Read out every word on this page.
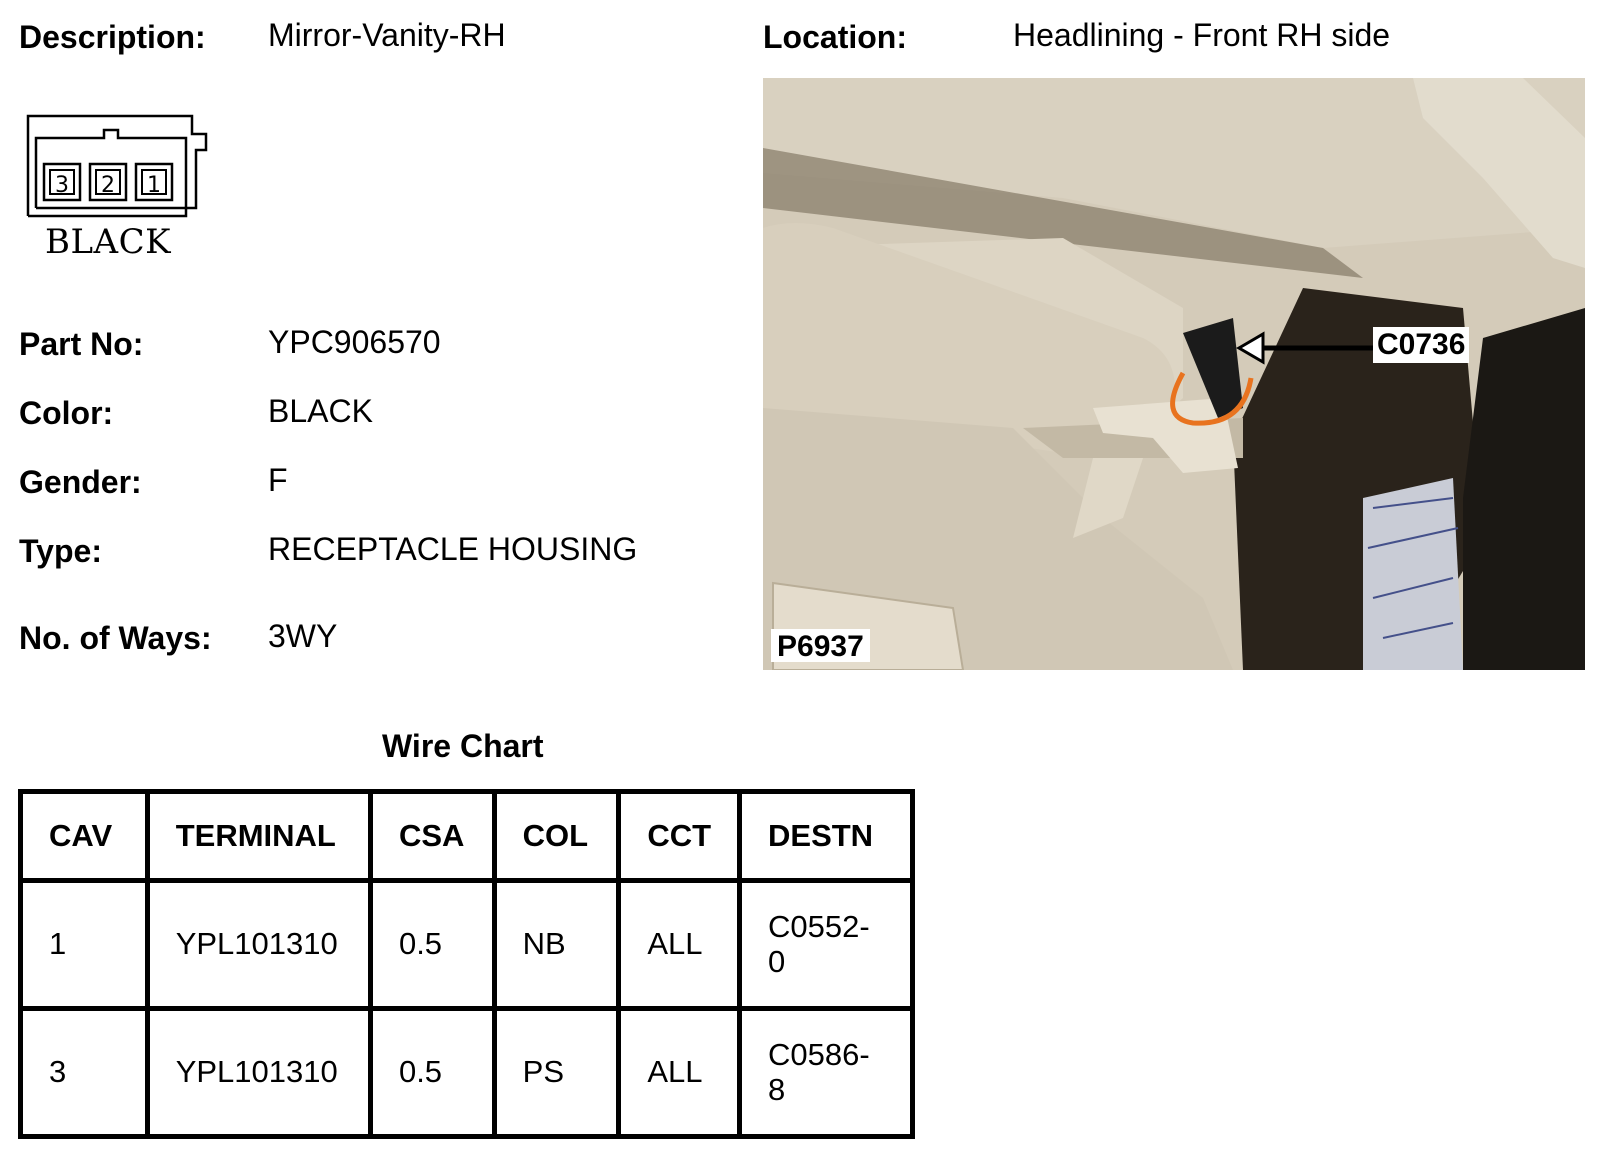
Description: Mirror-Vanity-RH	Location:	Headlining - Front RH side
3 2 1
BLACK
Part No:	YPC906570
Color:	BLACK
Gender:	F
Type:	RECEPTACLE HOUSING
No. of Ways: 3WY
C0736
P6937
Wire Chart
CAV	TERMINAL	CSA	COL	CCT	DESTN
1	YPL101310	0.5	NB	ALL	C0552-
0
3	YPL101310	0.5	PS	ALL	C0586-
8
